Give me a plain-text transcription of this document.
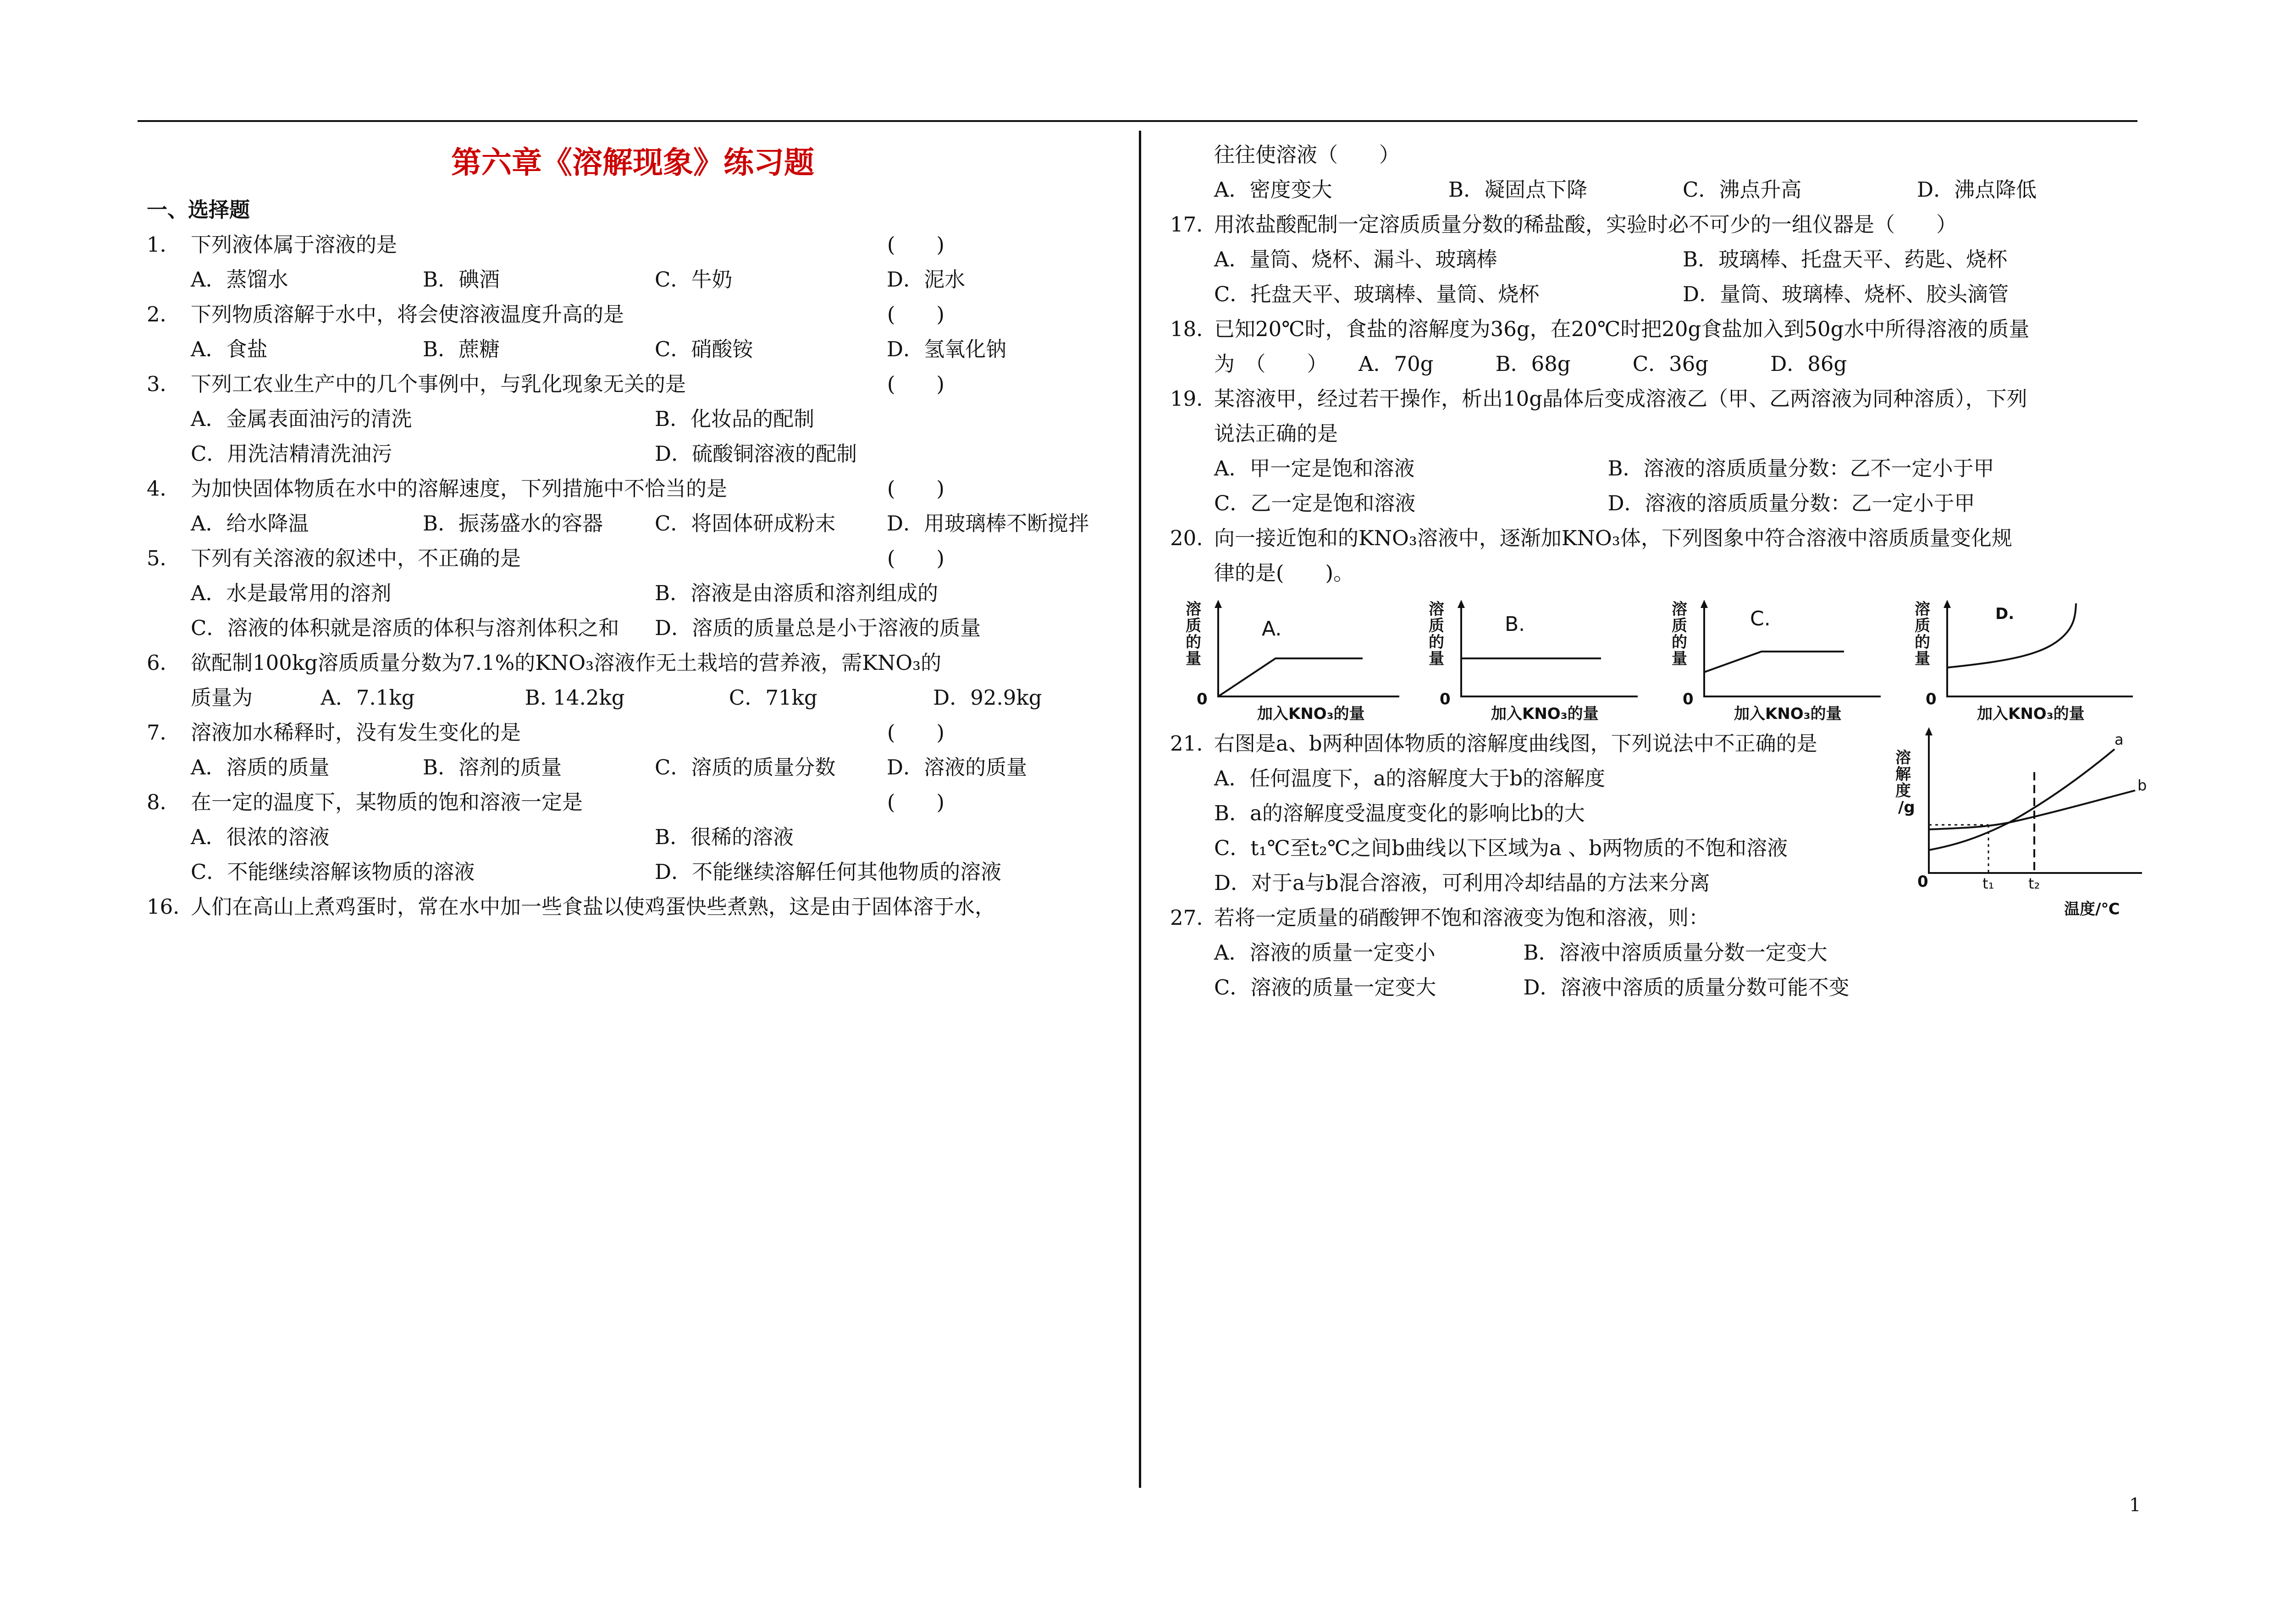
第六章《溶解现象》练习题
一、选择题
1． 下列液体属于溶液的是	(　　)
A．蒸馏水	B．碘酒	C．牛奶	D．泥水
2． 下列物质溶解于水中，将会使溶液温度升高的是	(　　)
A．食盐	B．蔗糖	C．硝酸铵	D．氢氧化钠
3． 下列工农业生产中的几个事例中，与乳化现象无关的是	(　　)
A．金属表面油污的清洗	B．化妆品的配制
C．用洗洁精清洗油污	D．硫酸铜溶液的配制
4． 为加快固体物质在水中的溶解速度，下列措施中不恰当的是	(　　)
A．给水降温	B．振荡盛水的容器	C．将固体研成粉末	D．用玻璃棒不断搅拌
5． 下列有关溶液的叙述中，不正确的是	(　　)
A．水是最常用的溶剂	B．溶液是由溶质和溶剂组成的
C．溶液的体积就是溶质的体积与溶剂体积之和	D．溶质的质量总是小于溶液的质量
6． 欲配制100kg溶质质量分数为7.1%的KNO₃溶液作无土栽培的营养液，需KNO₃的
质量为	A．7.1kg	B. 14.2kg	C．71kg	D．92.9kg
7． 溶液加水稀释时，没有发生变化的是	(　　)
A．溶质的质量	B．溶剂的质量	C．溶质的质量分数	D．溶液的质量
8． 在一定的温度下，某物质的饱和溶液一定是	(　　)
A．很浓的溶液	B．很稀的溶液
C．不能继续溶解该物质的溶液	D．不能继续溶解任何其他物质的溶液
16．
人们在高山上煮鸡蛋时，常在水中加一些食盐以使鸡蛋快些煮熟，这是由于固体溶于水，
往往使溶液（　　）
A．密度变大	B．凝固点下降	C．沸点升高	D．沸点降低
17．
用浓盐酸配制一定溶质质量分数的稀盐酸，实验时必不可少的一组仪器是（　　）
A．量筒、烧杯、漏斗、玻璃棒	B．玻璃棒、托盘天平、药匙、烧杯
C．托盘天平、玻璃棒、量筒、烧杯	D．量筒、玻璃棒、烧杯、胶头滴管
18．
已知20℃时，食盐的溶解度为36g，在20℃时把20g食盐加入到50g水中所得溶液的质量
为　（　　）　　A．70g　　　B．68g　　　C．36g　　　D．86g
19．
某溶液甲，经过若干操作，析出10g晶体后变成溶液乙（甲、乙两溶液为同种溶质），下列
说法正确的是
A．甲一定是饱和溶液	B．溶液的溶质质量分数：乙不一定小于甲
C．乙一定是饱和溶液	D．溶液的溶质质量分数：乙一定小于甲
20. 向一接近饱和的KNO₃溶液中，逐渐加KNO₃体，下列图象中符合溶液中溶质质量变化规
律的是(　　)。
溶
质
的
量
0
加入KNO₃的量
A.
溶
质
的
量
0
加入KNO₃的量
B.
溶
质
的
量
0
加入KNO₃的量
C.	溶
质
的
量
0
加入KNO₃的量
D.
21. 右图是a、b两种固体物质的溶解度曲线图，下列说法中不正确的是
A．任何温度下，a的溶解度大于b的溶解度
B．a的溶解度受温度变化的影响比b的大
C．t₁℃至t₂℃之间b曲线以下区域为a 、b两物质的不饱和溶液
D．对于a与b混合溶液，可利用冷却结晶的方法来分离
溶
解
度
/g
0
温度/℃
a
b
t₁ t₂
27. 若将一定质量的硝酸钾不饱和溶液变为饱和溶液，则：
A．溶液的质量一定变小	B．溶液中溶质质量分数一定变大
C．溶液的质量一定变大	D．溶液中溶质的质量分数可能不变
1
